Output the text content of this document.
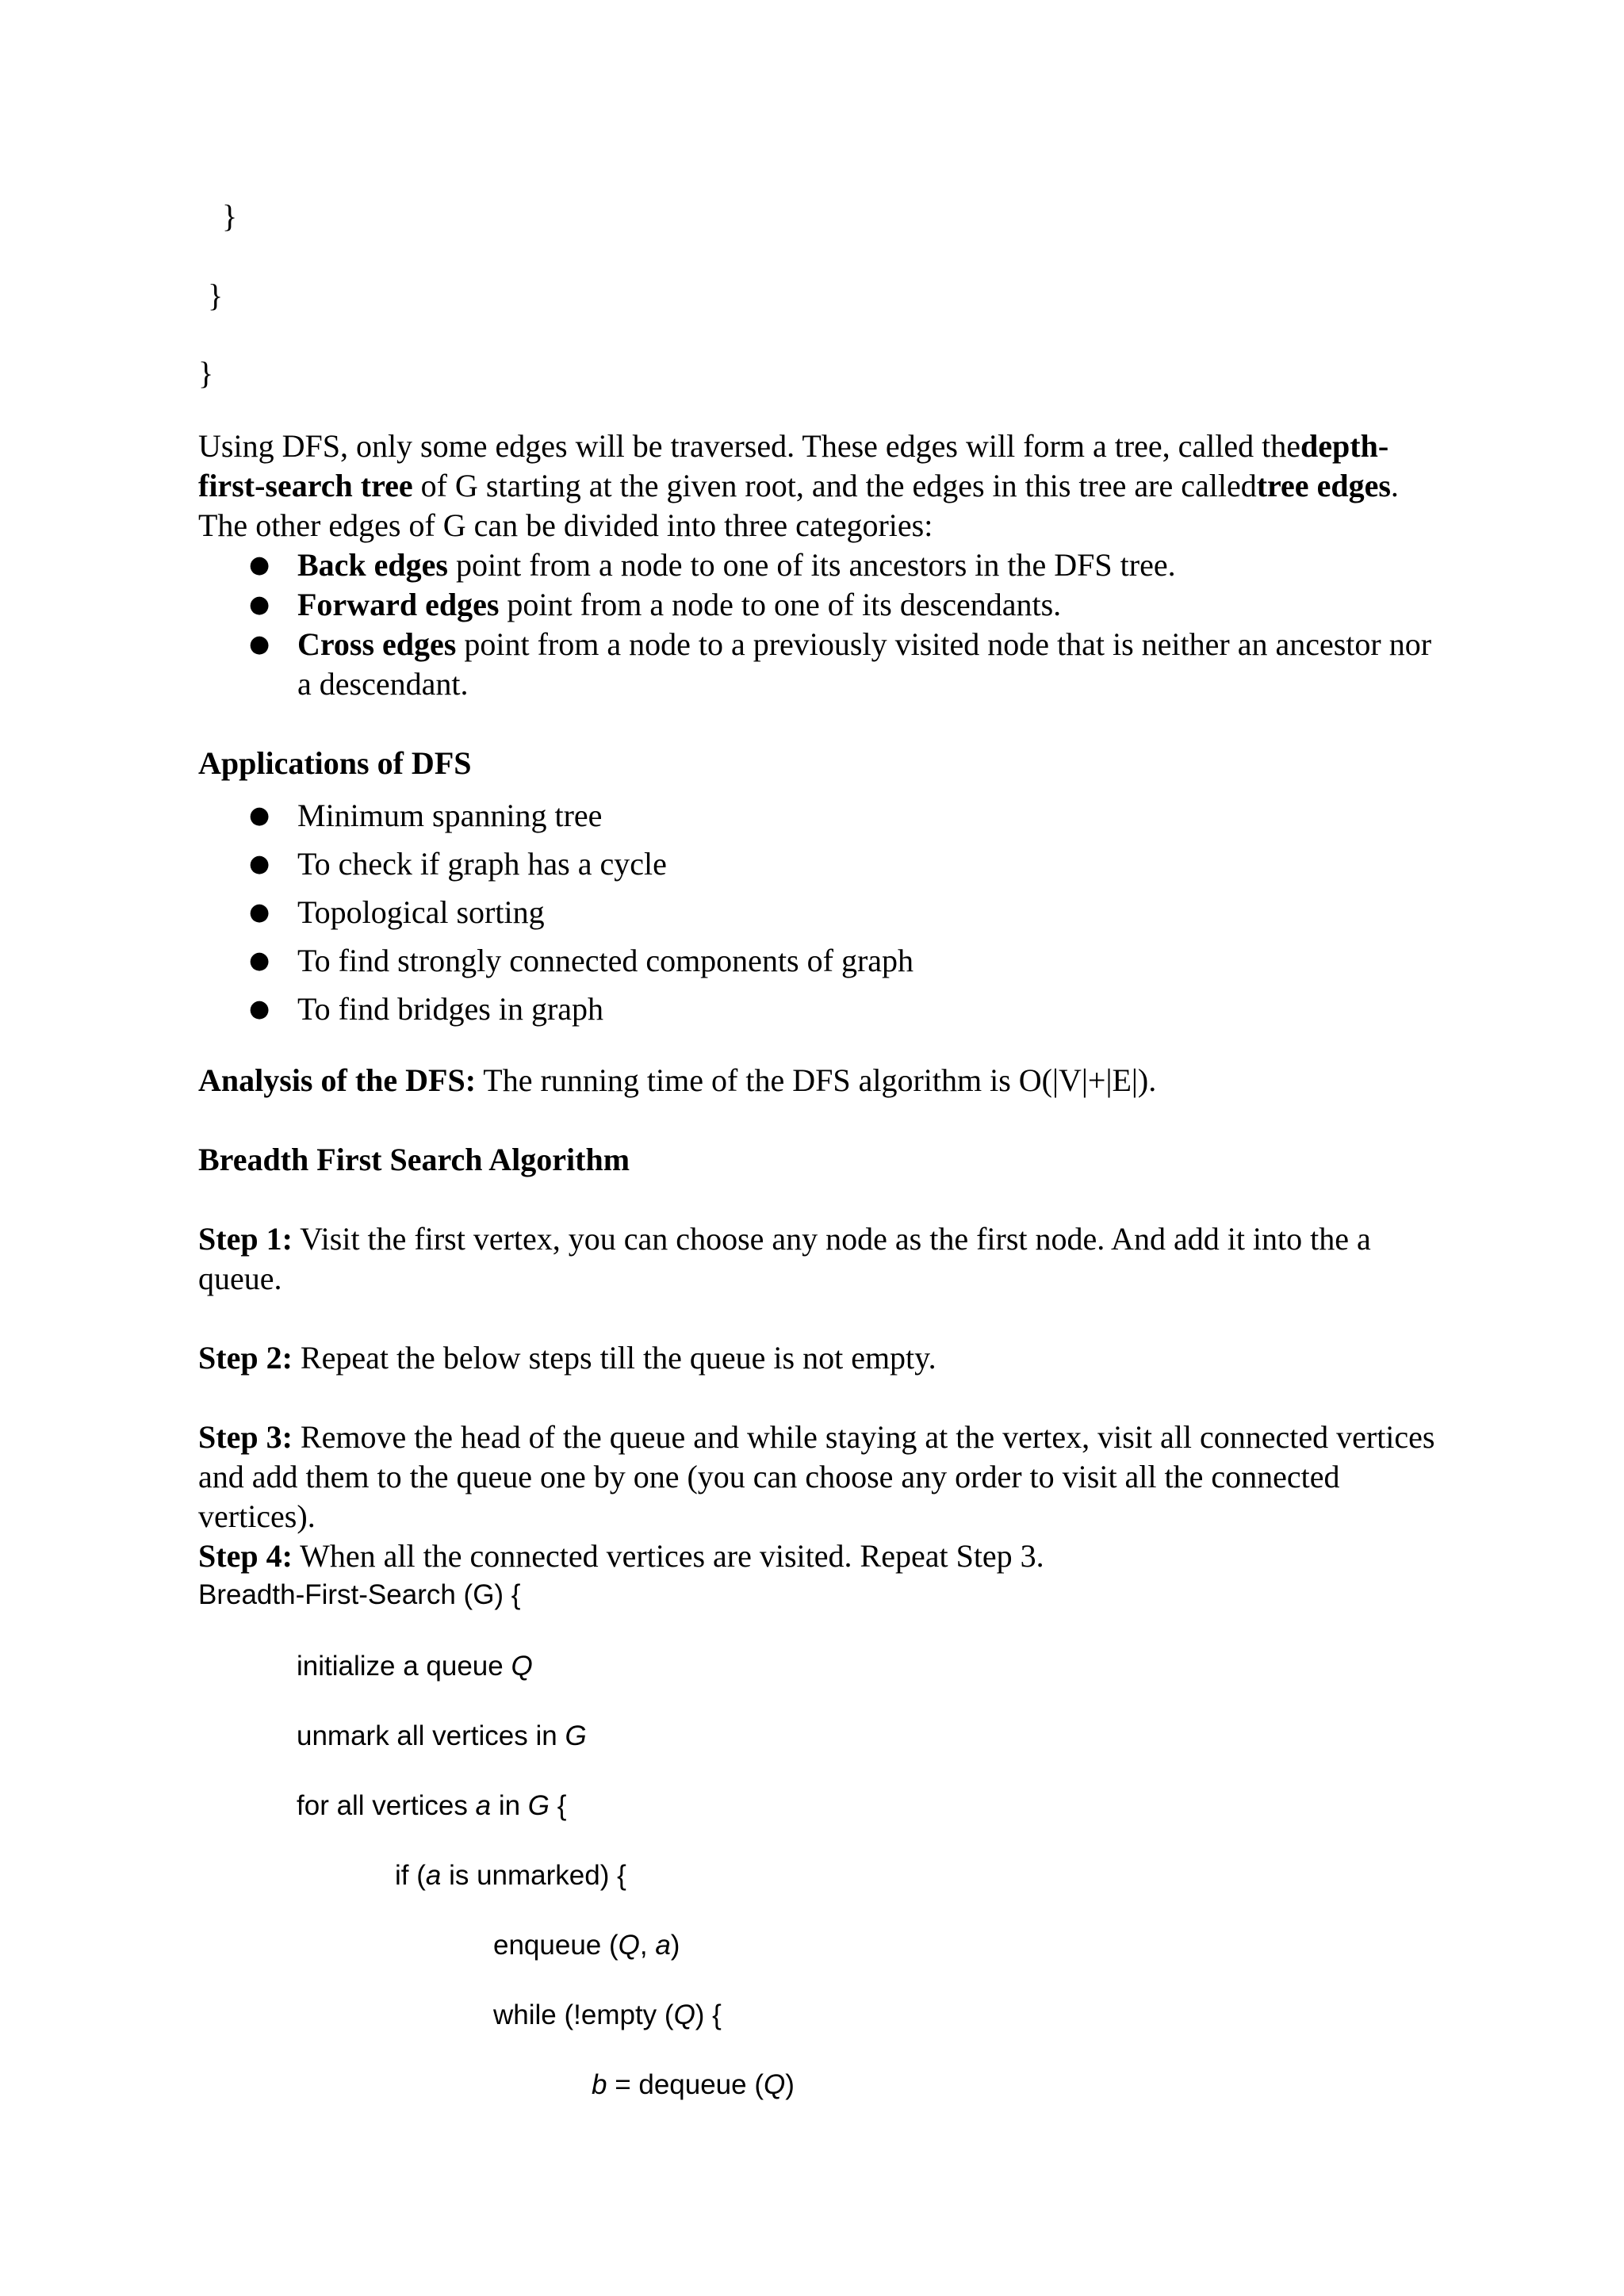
}
}
}
Using DFS, only some edges will be traversed. These edges will form a tree, called thedepth-first-search tree of G starting at the given root, and the edges in this tree are calledtree edges. The other edges of G can be divided into three categories:
● Back edges point from a node to one of its ancestors in the DFS tree.
● Forward edges point from a node to one of its descendants.
● Cross edges point from a node to a previously visited node that is neither an ancestor nor a descendant.
Applications of DFS
● Minimum spanning tree
● To check if graph has a cycle
● Topological sorting
● To find strongly connected components of graph
● To find bridges in graph
Analysis of the DFS: The running time of the DFS algorithm is O(|V|+|E|).
Breadth First Search Algorithm
Step 1: Visit the first vertex, you can choose any node as the first node. And add it into the a queue.
Step 2: Repeat the below steps till the queue is not empty.
Step 3: Remove the head of the queue and while staying at the vertex, visit all connected vertices and add them to the queue one by one (you can choose any order to visit all the connected vertices).
Step 4: When all the connected vertices are visited. Repeat Step 3.
Breadth-First-Search (G) {
initialize a queue Q
unmark all vertices in G
for all vertices a in G {
if (a is unmarked) {
enqueue (Q, a)
while (!empty (Q) {
b = dequeue (Q)
